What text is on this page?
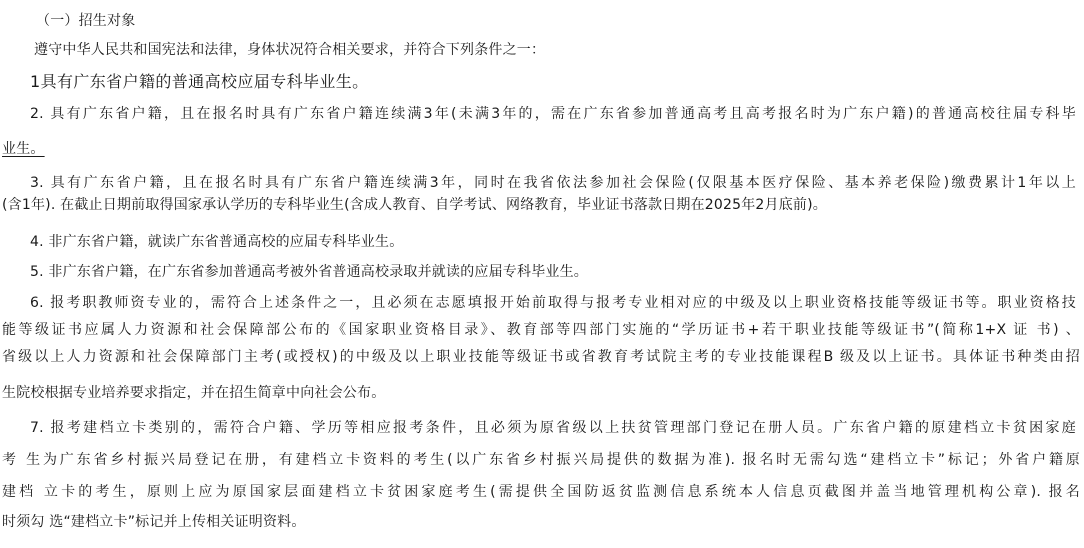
（一）招生对象
遵守中华人民共和国宪法和法律，身体状况符合相关要求，并符合下列条件之一：
1具有广东省户籍的普通高校应届专科毕业生。
2. 具有广东省户籍，且在报名时具有广东省户籍连续满3年(未满3年的，需在广东省参加普通高考且高考报名时为广东户籍)的普通高校往届专科毕
业生。
3. 具有广东省户籍，且在报名时具有广东省户籍连续满3年，同时在我省依法参加社会保险(仅限基本医疗保险、基本养老保险)缴费累计1年以上
(含1年). 在截止日期前取得国家承认学历的专科毕业生(含成人教育、自学考试、网络教育，毕业证书落款日期在2025年2月底前)。
4. 非广东省户籍，就读广东省普通高校的应届专科毕业生。
5. 非广东省户籍，在广东省参加普通高考被外省普通高校录取并就读的应届专科毕业生。
6. 报考职教师资专业的，需符合上述条件之一，且必须在志愿填报开始前取得与报考专业相对应的中级及以上职业资格技能等级证书等。职业资格技
能等级证书应属人力资源和社会保障部公布的《国家职业资格目录》、教育部等四部门实施的“学历证书+若干职业技能等级证书”(简称1+X 证 书) 、
省级以上人力资源和社会保障部门主考(或授权)的中级及以上职业技能等级证书或省教育考试院主考的专业技能课程B 级及以上证书。具体证书种类由招
生院校根据专业培养要求指定，并在招生简章中向社会公布。
7. 报考建档立卡类别的，需符合户籍、学历等相应报考条件，且必须为原省级以上扶贫管理部门登记在册人员。广东省户籍的原建档立卡贫困家庭
考 生为广东省乡村振兴局登记在册，有建档立卡资料的考生(以广东省乡村振兴局提供的数据为准). 报名时无需勾选“建档立卡”标记；外省户籍原
建档 立卡的考生，原则上应为原国家层面建档立卡贫困家庭考生(需提供全国防返贫监测信息系统本人信息页截图并盖当地管理机构公章). 报名
时须勾 选“建档立卡”标记并上传相关证明资料。
